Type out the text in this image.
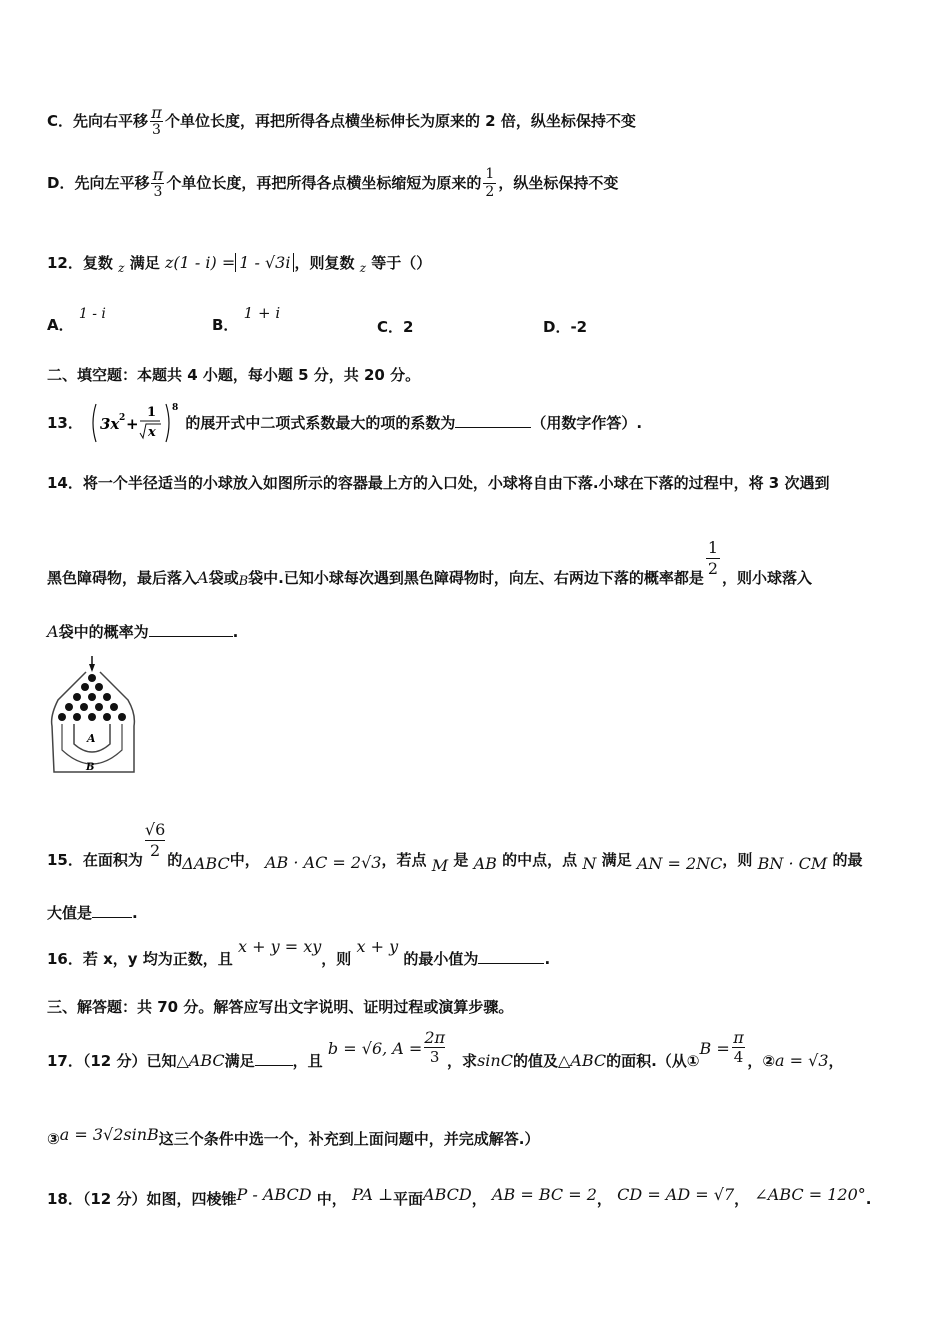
C．先向右平移 $\frac{\pi}{3}$ 个单位长度，再把所得各点横坐标伸长为原来的 2 倍，纵坐标保持不变
D．先向左平移 $\frac{\pi}{3}$ 个单位长度，再把所得各点横坐标缩短为原来的 $\frac{1}{2}$ ，纵坐标保持不变
12．复数 $_z$ 满足 z(1 - i) = 1 - √3i ，则复数 $_z$ 等于（）
A． 1 - i
B． 1 + i
C．2	D．-2
二、填空题：本题共 4 小题，每小题 5 分，共 20 分。
13． 3x 2 +
1
x
8
(3x² + 1/√x)⁸
的展开式中二项式系数最大的项的系数为	（用数字作答）.
14．将一个半径适当的小球放入如图所示的容器最上方的入口处，小球将自由下落.小球在下落的过程中，将 3 次遇到
黑色障碍物，最后落入A袋或B袋中.已知小球每次遇到黑色障碍物时，向左、右两边下落的概率都是 $\frac{1}{2}$ ，则小球落入
A袋中的概率为	.
A
B
15．在面积为 $\frac{√6}{2}$ 的ΔABC中， AB · AC = 2√3，若点 M 是 AB 的中点，点 N 满足 AN = 2NC，则 BN · CM 的最
大值是	.
16．若 x，y 均为正数，且 x + y = xy，则 x + y 的最小值为	.
三、解答题：共 70 分。解答应写出文字说明、证明过程或演算步骤。
17．（12 分）已知△ABC满足	，且 b = √6, $A = \frac{2\pi}{3}$ ，求sinC的值及△ABC的面积.（从①B = $\frac{\pi}{4}$ ，②a = √3，
③a = 3√2sinB这三个条件中选一个，补充到上面问题中，并完成解答.）
18．（12 分）如图，四棱锥P - ABCD 中， PA ⊥平面ABCD， AB = BC = 2， CD = AD = √7， ∠ABC = 120°.
